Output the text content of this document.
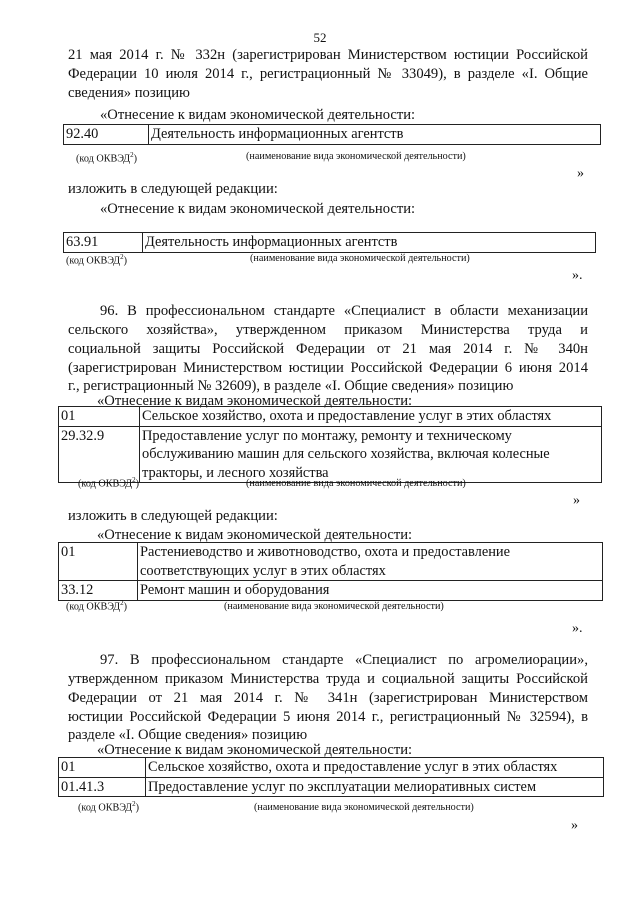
52
21 мая 2014 г. № 332н (зарегистрирован Министерством юстиции Российской
Федерации 10 июля 2014 г., регистрационный № 33049), в разделе «I. Общие
сведения» позицию
«Отнесение к видам экономической деятельности:
92.40	Деятельность информационных агентств
(код ОКВЭД$^2$)	(наименование вида экономической деятельности)
»
изложить в следующей редакции:
«Отнесение к видам экономической деятельности:
63.91	Деятельность информационных агентств
(код ОКВЭД$^2$)	(наименование вида экономической деятельности)
».
96. В профессиональном стандарте «Специалист в области механизации
сельского хозяйства», утвержденном приказом Министерства труда и
социальной защиты Российской Федерации от 21 мая 2014 г. № 340н
(зарегистрирован Министерством юстиции Российской Федерации 6 июня 2014
г., регистрационный № 32609), в разделе «I. Общие сведения» позицию
«Отнесение к видам экономической деятельности:
01	Сельское хозяйство, охота и предоставление услуг в этих областях
29.32.9	Предоставление услуг по монтажу, ремонту и техническому
обслуживанию машин для сельского хозяйства, включая колесные
тракторы, и лесного хозяйства
(код ОКВЭД$^2$)	(наименование вида экономической деятельности)
»
изложить в следующей редакции:
«Отнесение к видам экономической деятельности:
01	Растениеводство и животноводство, охота и предоставление
соответствующих услуг в этих областях

33.12	Ремонт машин и оборудования
(код ОКВЭД$^2$)	(наименование вида экономической деятельности)
».
97. В профессиональном стандарте «Специалист по агромелиорации»,
утвержденном приказом Министерства труда и социальной защиты Российской
Федерации от 21 мая 2014 г. № 341н (зарегистрирован Министерством
юстиции Российской Федерации 5 июня 2014 г., регистрационный № 32594), в
разделе «I. Общие сведения» позицию
«Отнесение к видам экономической деятельности:
01	Сельское хозяйство, охота и предоставление услуг в этих областях
01.41.3	Предоставление услуг по эксплуатации мелиоративных систем
(код ОКВЭД$^2$)	(наименование вида экономической деятельности)
»
